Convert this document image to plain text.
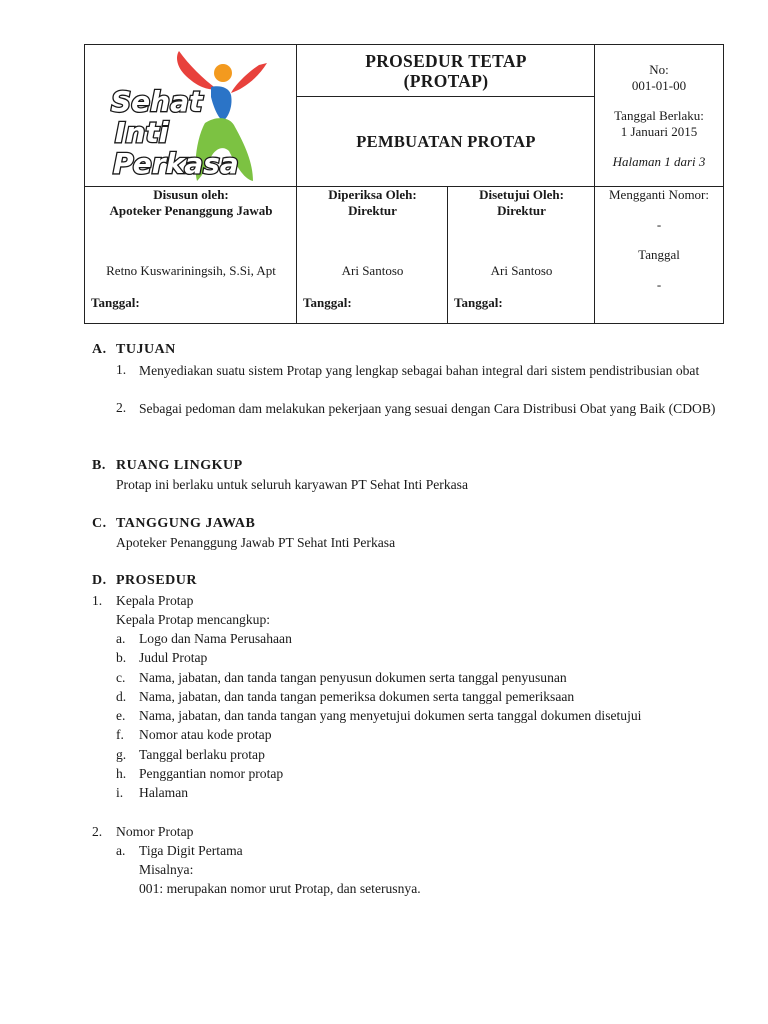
Sehat
Inti
Perkasa
PROSEDUR TETAP
(PROTAP)
PEMBUATAN PROTAP
No:
001-01-00
Tanggal Berlaku:
1 Januari 2015
Halaman 1 dari 3
Disusun oleh:
Apoteker Penanggung Jawab
Retno Kuswariningsih, S.Si, Apt
Tanggal:
Diperiksa Oleh:
Direktur
Ari Santoso
Tanggal:
Disetujui Oleh:
Direktur
Ari Santoso
Tanggal:
Mengganti Nomor:
-
Tanggal
-
A. TUJUAN
1. Menyediakan suatu sistem Protap yang lengkap sebagai bahan integral dari sistem pendistribusian obat
2. Sebagai pedoman dam melakukan pekerjaan yang sesuai dengan Cara Distribusi Obat yang Baik (CDOB)
B. RUANG LINGKUP
Protap ini berlaku untuk seluruh karyawan PT Sehat Inti Perkasa
C. TANGGUNG JAWAB
Apoteker Penanggung Jawab PT Sehat Inti Perkasa
D. PROSEDUR
1. Kepala Protap
Kepala Protap mencangkup:
a. Logo dan Nama Perusahaan
b. Judul Protap
c. Nama, jabatan, dan tanda tangan penyusun dokumen serta tanggal penyusunan
d. Nama, jabatan, dan tanda tangan pemeriksa dokumen serta tanggal pemeriksaan
e. Nama, jabatan, dan tanda tangan yang menyetujui dokumen serta tanggal dokumen disetujui
f. Nomor atau kode protap
g. Tanggal berlaku protap
h. Penggantian nomor protap
i. Halaman
2. Nomor Protap
a. Tiga Digit Pertama
Misalnya:
001: merupakan nomor urut Protap, dan seterusnya.
